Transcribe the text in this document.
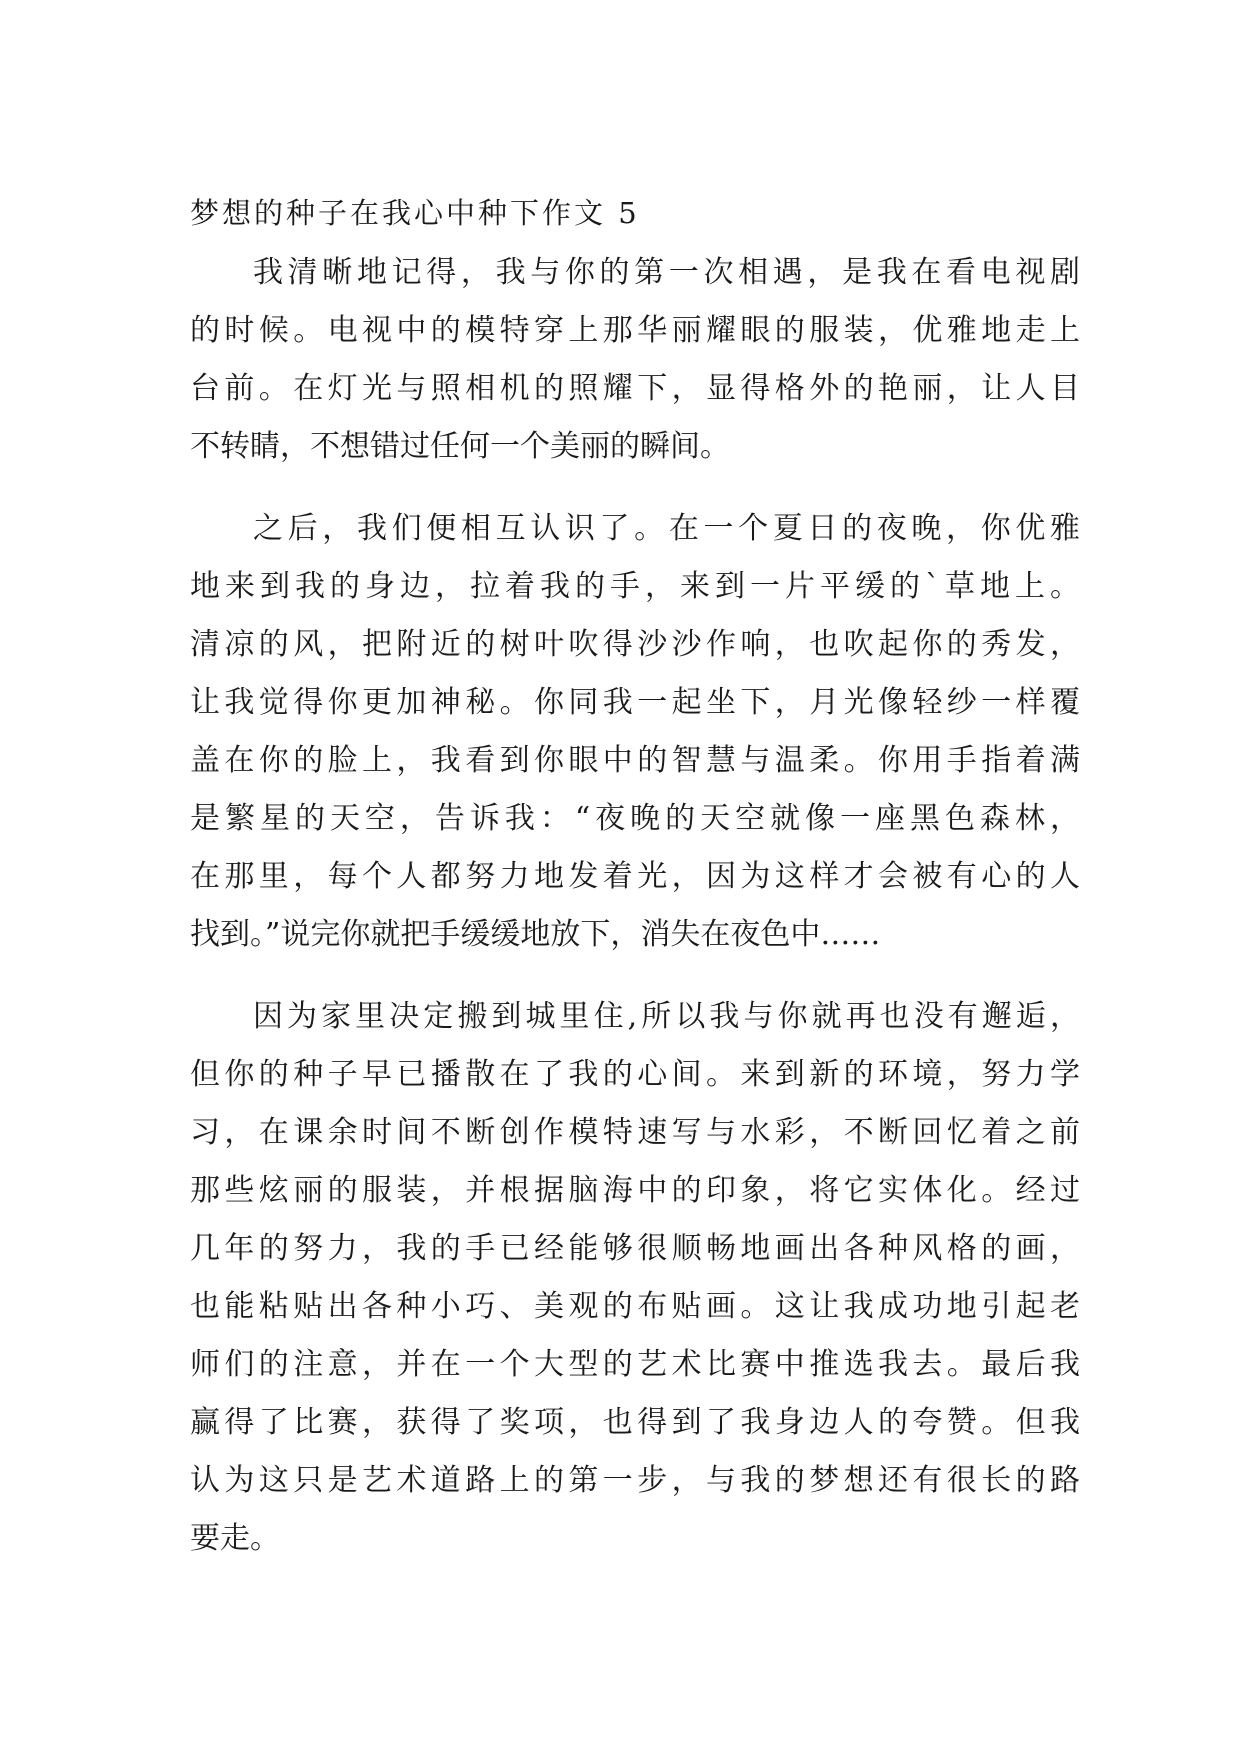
梦想的种子在我心中种下作文 5
我清晰地记得，我与你的第一次相遇，是我在看电视剧
的时候。电视中的模特穿上那华丽耀眼的服装，优雅地走上
台前。在灯光与照相机的照耀下，显得格外的艳丽，让人目
不转睛，不想错过任何一个美丽的瞬间。
之后，我们便相互认识了。在一个夏日的夜晚，你优雅
地来到我的身边，拉着我的手，来到一片平缓的`草地上。
清凉的风，把附近的树叶吹得沙沙作响，也吹起你的秀发，
让我觉得你更加神秘。你同我一起坐下，月光像轻纱一样覆
盖在你的脸上，我看到你眼中的智慧与温柔。你用手指着满
是繁星的天空，告诉我：“夜晚的天空就像一座黑色森林，
在那里，每个人都努力地发着光，因为这样才会被有心的人
找到。”说完你就把手缓缓地放下，消失在夜色中……
因为家里决定搬到城里住,所以我与你就再也没有邂逅，
但你的种子早已播散在了我的心间。来到新的环境，努力学
习，在课余时间不断创作模特速写与水彩，不断回忆着之前
那些炫丽的服装，并根据脑海中的印象，将它实体化。经过
几年的努力，我的手已经能够很顺畅地画出各种风格的画，
也能粘贴出各种小巧、美观的布贴画。这让我成功地引起老
师们的注意，并在一个大型的艺术比赛中推选我去。最后我
赢得了比赛，获得了奖项，也得到了我身边人的夸赞。但我
认为这只是艺术道路上的第一步，与我的梦想还有很长的路
要走。
